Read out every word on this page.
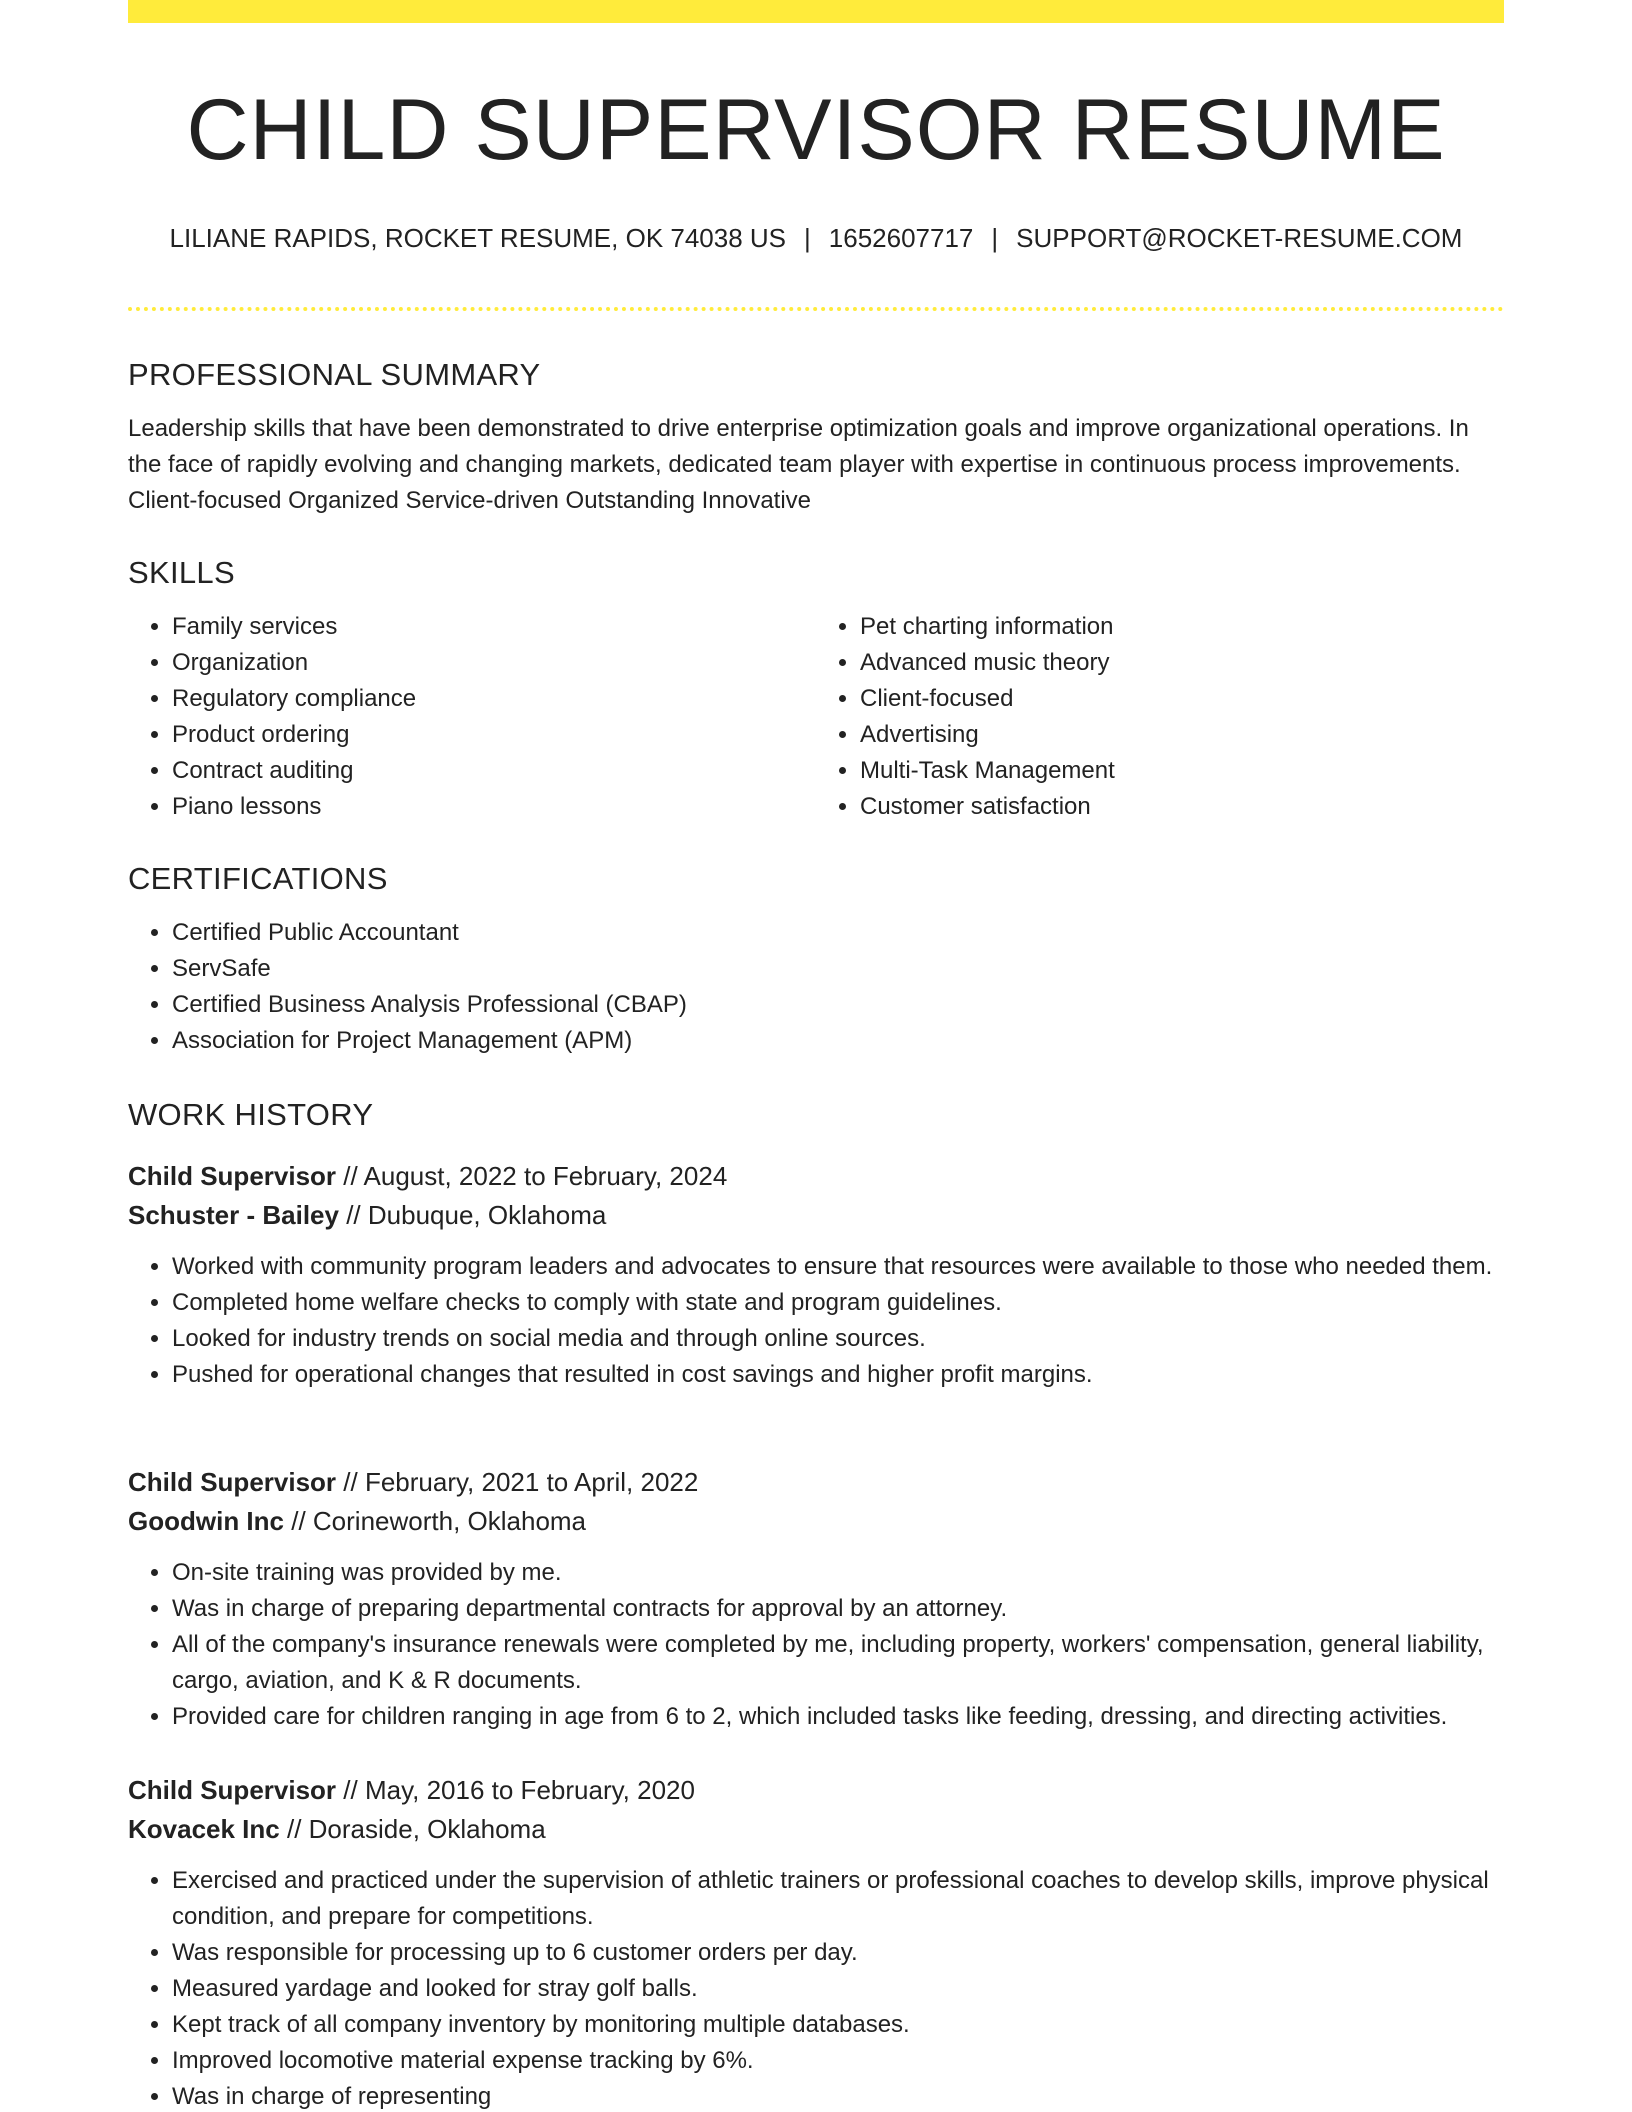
CHILD SUPERVISOR RESUME
LILIANE RAPIDS, ROCKET RESUME, OK 74038 US | 1652607717 | SUPPORT@ROCKET-RESUME.COM
PROFESSIONAL SUMMARY
Leadership skills that have been demonstrated to drive enterprise optimization goals and improve organizational operations. In the face of rapidly evolving and changing markets, dedicated team player with expertise in continuous process improvements. Client-focused Organized Service-driven Outstanding Innovative
SKILLS
• Family services
• Organization
• Regulatory compliance
• Product ordering
• Contract auditing
• Piano lessons
• Pet charting information
• Advanced music theory
• Client-focused
• Advertising
• Multi-Task Management
• Customer satisfaction
CERTIFICATIONS
• Certified Public Accountant
• ServSafe
• Certified Business Analysis Professional (CBAP)
• Association for Project Management (APM)
WORK HISTORY
Child Supervisor // August, 2022 to February, 2024
Schuster - Bailey // Dubuque, Oklahoma
• Worked with community program leaders and advocates to ensure that resources were available to those who needed them.
• Completed home welfare checks to comply with state and program guidelines.
• Looked for industry trends on social media and through online sources.
• Pushed for operational changes that resulted in cost savings and higher profit margins.
Child Supervisor // February, 2021 to April, 2022
Goodwin Inc // Corineworth, Oklahoma
• On-site training was provided by me.
• Was in charge of preparing departmental contracts for approval by an attorney.
• All of the company's insurance renewals were completed by me, including property, workers' compensation, general liability, cargo, aviation, and K & R documents.
• Provided care for children ranging in age from 6 to 2, which included tasks like feeding, dressing, and directing activities.
Child Supervisor // May, 2016 to February, 2020
Kovacek Inc // Doraside, Oklahoma
• Exercised and practiced under the supervision of athletic trainers or professional coaches to develop skills, improve physical condition, and prepare for competitions.
• Was responsible for processing up to 6 customer orders per day.
• Measured yardage and looked for stray golf balls.
• Kept track of all company inventory by monitoring multiple databases.
• Improved locomotive material expense tracking by 6%.
• Was in charge of representing
